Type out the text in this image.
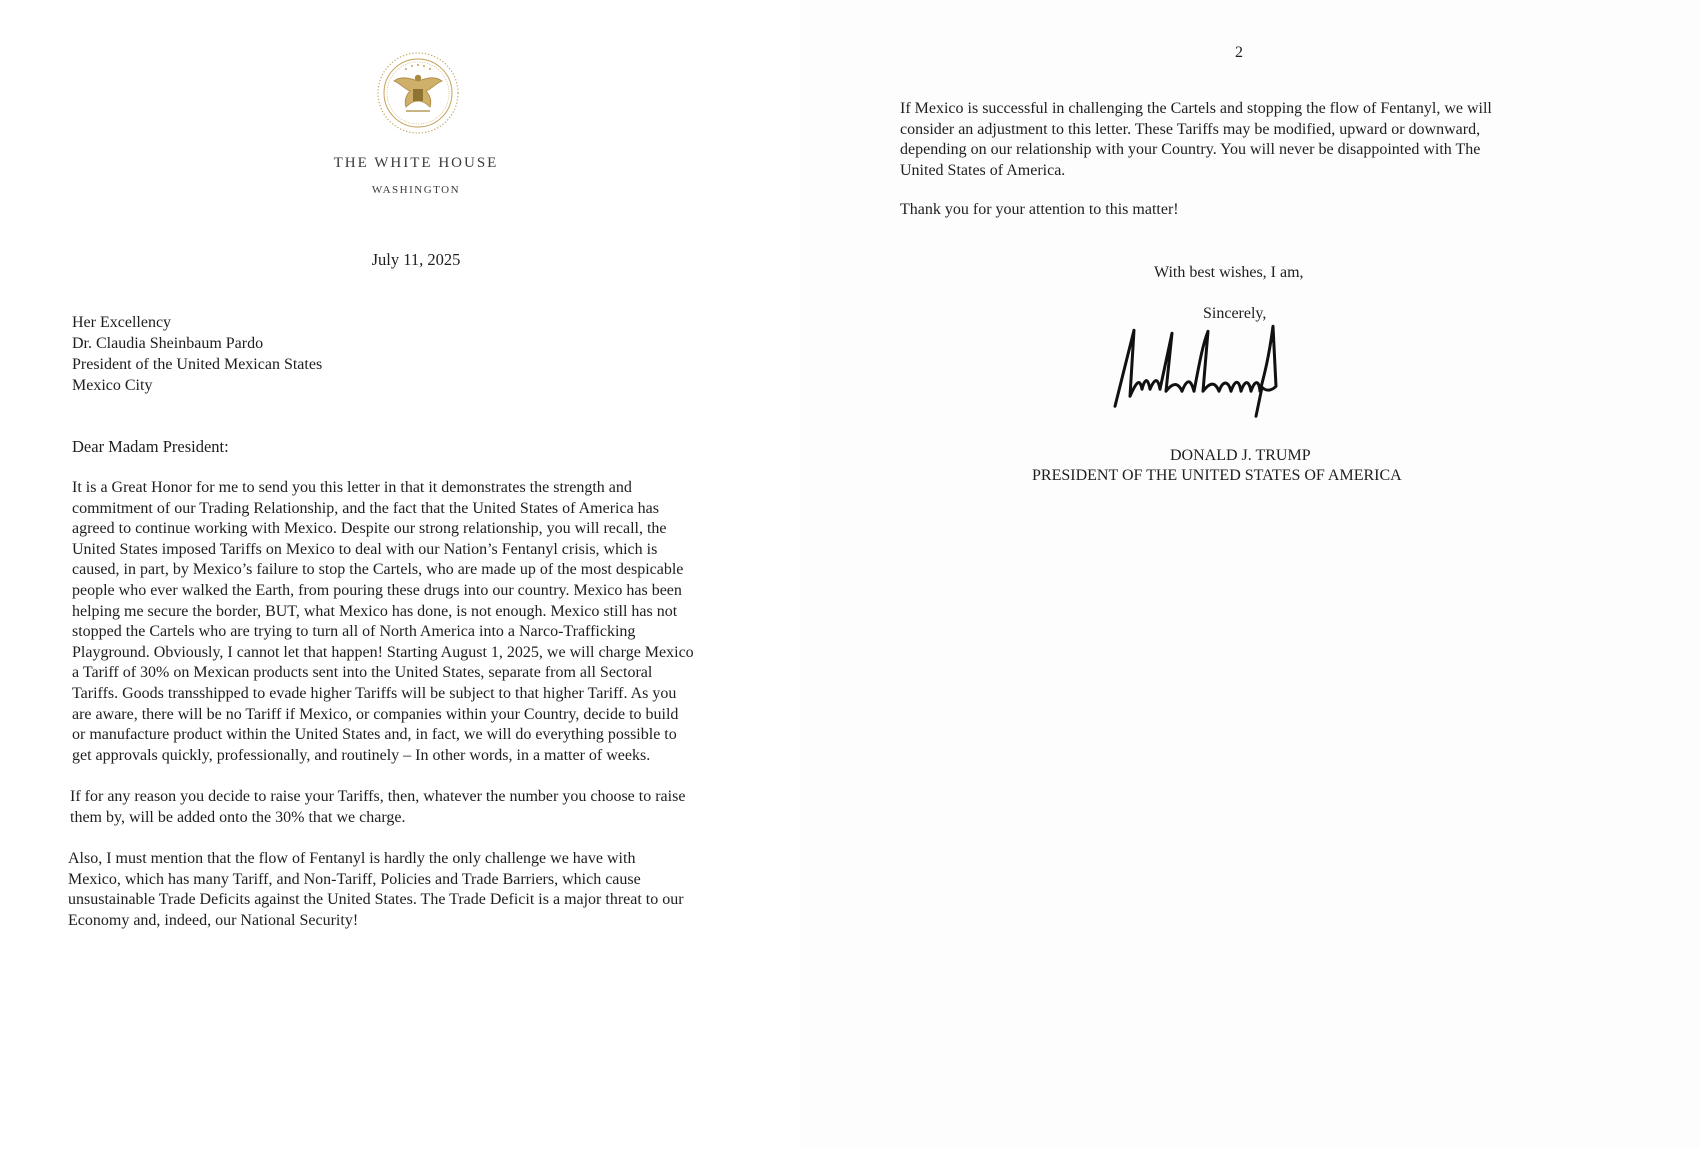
THE WHITE HOUSE
WASHINGTON
July 11, 2025
Her Excellency
Dr. Claudia Sheinbaum Pardo
President of the United Mexican States
Mexico City
Dear Madam President:

It is a Great Honor for me to send you this letter in that it demonstrates the strength and
commitment of our Trading Relationship, and the fact that the United States of America has
agreed to continue working with Mexico. Despite our strong relationship, you will recall, the
United States imposed Tariffs on Mexico to deal with our Nation’s Fentanyl crisis, which is
caused, in part, by Mexico’s failure to stop the Cartels, who are made up of the most despicable
people who ever walked the Earth, from pouring these drugs into our country. Mexico has been
helping me secure the border, BUT, what Mexico has done, is not enough. Mexico still has not
stopped the Cartels who are trying to turn all of North America into a Narco-Trafficking
Playground. Obviously, I cannot let that happen! Starting August 1, 2025, we will charge Mexico
a Tariff of 30% on Mexican products sent into the United States, separate from all Sectoral
Tariffs. Goods transshipped to evade higher Tariffs will be subject to that higher Tariff. As you
are aware, there will be no Tariff if Mexico, or companies within your Country, decide to build
or manufacture product within the United States and, in fact, we will do everything possible to
get approvals quickly, professionally, and routinely – In other words, in a matter of weeks.

If for any reason you decide to raise your Tariffs, then, whatever the number you choose to raise
them by, will be added onto the 30% that we charge.

Also, I must mention that the flow of Fentanyl is hardly the only challenge we have with
Mexico, which has many Tariff, and Non-Tariff, Policies and Trade Barriers, which cause
unsustainable Trade Deficits against the United States. The Trade Deficit is a major threat to our
Economy and, indeed, our National Security!

2

If Mexico is successful in challenging the Cartels and stopping the flow of Fentanyl, we will
consider an adjustment to this letter. These Tariffs may be modified, upward or downward,
depending on our relationship with your Country. You will never be disappointed with The
United States of America.

Thank you for your attention to this matter!
With best wishes, I am,
Sincerely,
DONALD J. TRUMP
PRESIDENT OF THE UNITED STATES OF AMERICA
